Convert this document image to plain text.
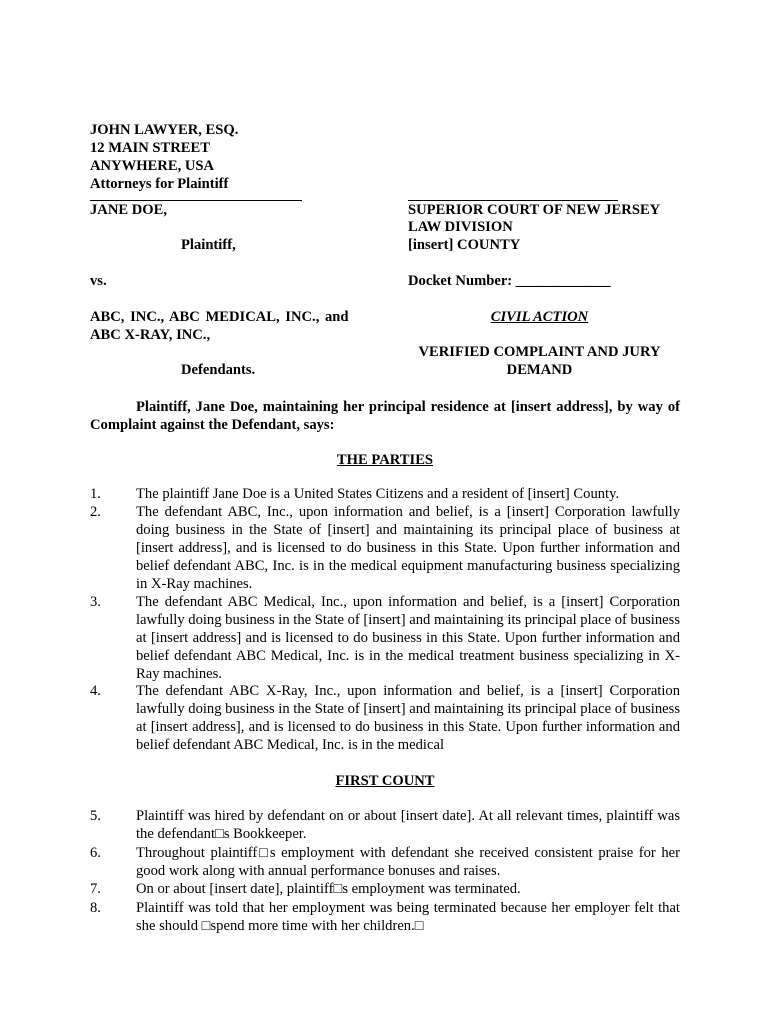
JOHN LAWYER, ESQ.
12 MAIN STREET
ANYWHERE, USA
Attorneys for Plaintiff
JANE DOE,
Plaintiff,
vs.
ABC, INC., ABC MEDICAL, INC., and
ABC X-RAY, INC.,
Defendants.
SUPERIOR COURT OF NEW JERSEY
LAW DIVISION
[insert] COUNTY
Docket Number: _____________
CIVIL ACTION
VERIFIED COMPLAINT AND JURY
DEMAND
Plaintiff, Jane Doe, maintaining her principal residence at [insert address], by way of Complaint against the Defendant, says:
THE PARTIES
1. The plaintiff Jane Doe is a United States Citizens and a resident of [insert] County.
2. The defendant ABC, Inc., upon information and belief, is a [insert] Corporation lawfully doing business in the State of [insert] and maintaining its principal place of business at [insert address], and is licensed to do business in this State. Upon further information and belief defendant ABC, Inc. is in the medical equipment manufacturing business specializing in X-Ray machines.
3. The defendant ABC Medical, Inc., upon information and belief, is a [insert] Corporation lawfully doing business in the State of [insert] and maintaining its principal place of business at [insert address] and is licensed to do business in this State. Upon further information and belief defendant ABC Medical, Inc. is in the medical treatment business specializing in X-Ray machines.
4. The defendant ABC X-Ray, Inc., upon information and belief, is a [insert] Corporation lawfully doing business in the State of [insert] and maintaining its principal place of business at [insert address], and is licensed to do business in this State. Upon further information and belief defendant ABC Medical, Inc. is in the medical
FIRST COUNT
5. Plaintiff was hired by defendant on or about [insert date]. At all relevant times, plaintiff was the defendant□s Bookkeeper.
6. Throughout plaintiff□s employment with defendant she received consistent praise for her good work along with annual performance bonuses and raises.
7. On or about [insert date], plaintiff□s employment was terminated.
8. Plaintiff was told that her employment was being terminated because her employer felt that she should □spend more time with her children.□
